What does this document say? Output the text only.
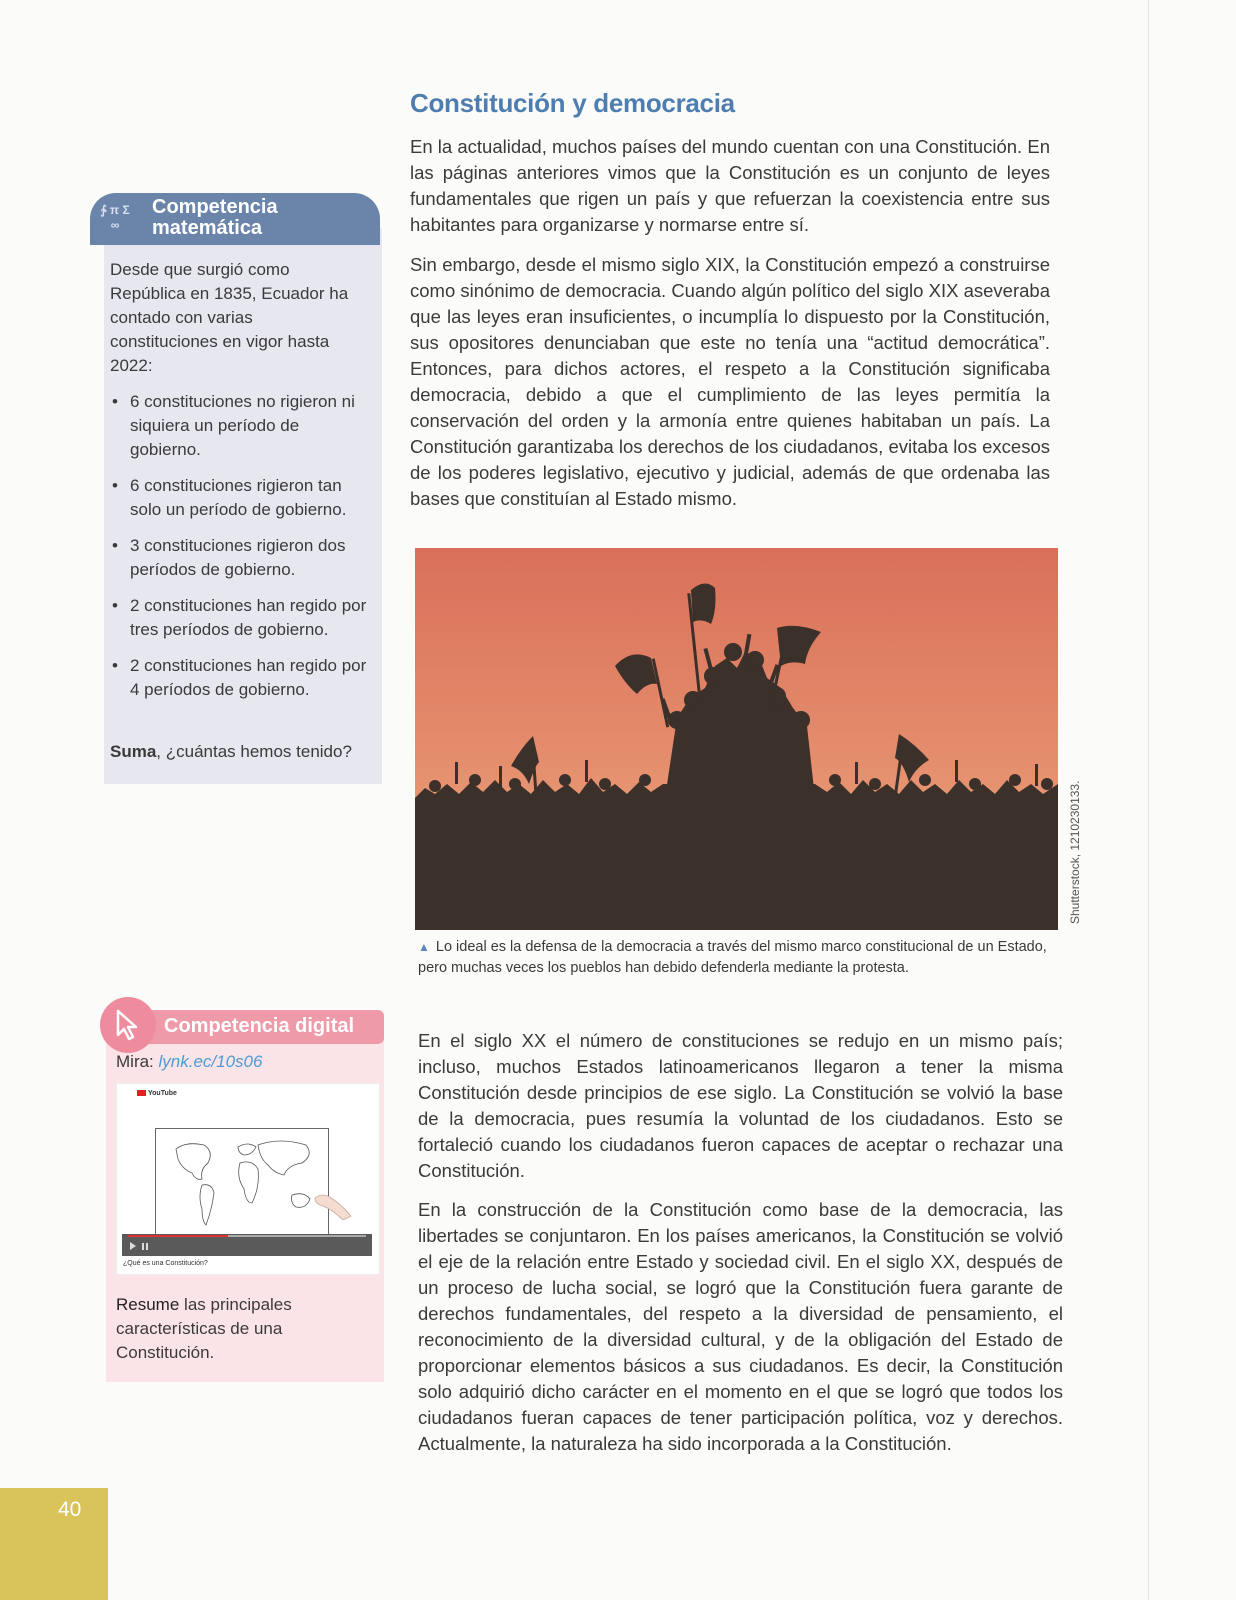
∱ π Σ ∞
Competencia
matemática

Desde que surgió como República en 1835, Ecuador ha contado con varias constituciones en vigor hasta 2022:

• 6 constituciones no rigieron ni siquiera un período de gobierno.
• 6 constituciones rigieron tan solo un período de gobierno.
• 3 constituciones rigieron dos períodos de gobierno.
• 2 constituciones han regido por tres períodos de gobierno.
• 2 constituciones han regido por 4 períodos de gobierno.

Suma, ¿cuántas hemos tenido?

Competencia digital

Mira: lynk.ec/10s06

YouTube
¿Qué es una Constitución?

Resume las principales características de una Constitución.

Constitución y democracia

En la actualidad, muchos países del mundo cuentan con una Constitución. En las páginas anteriores vimos que la Constitución es un conjunto de leyes fundamentales que rigen un país y que refuerzan la coexistencia entre sus habitantes para organizarse y normarse entre sí.

Sin embargo, desde el mismo siglo XIX, la Constitución empezó a construirse como sinónimo de democracia. Cuando algún político del siglo XIX aseveraba que las leyes eran insuficientes, o incumplía lo dispuesto por la Constitución, sus opositores denunciaban que este no tenía una “actitud democrática”. Entonces, para dichos actores, el respeto a la Constitución significaba democracia, debido a que el cumplimiento de las leyes permitía la conservación del orden y la armonía entre quienes habitaban un país. La Constitución garantizaba los derechos de los ciudadanos, evitaba los excesos de los poderes legislativo, ejecutivo y judicial, además de que ordenaba las bases que constituían al Estado mismo.

Shutterstock, 1210230133.

▲ Lo ideal es la defensa de la democracia a través del mismo marco constitucional de un Estado, pero muchas veces los pueblos han debido defenderla mediante la protesta.

En el siglo XX el número de constituciones se redujo en un mismo país; incluso, muchos Estados latinoamericanos llegaron a tener la misma Constitución desde principios de ese siglo. La Constitución se volvió la base de la democracia, pues resumía la voluntad de los ciudadanos. Esto se fortaleció cuando los ciudadanos fueron capaces de aceptar o rechazar una Constitución.

En la construcción de la Constitución como base de la democracia, las libertades se conjuntaron. En los países americanos, la Constitución se volvió el eje de la relación entre Estado y sociedad civil. En el siglo XX, después de un proceso de lucha social, se logró que la Constitución fuera garante de derechos fundamentales, del respeto a la diversidad de pensamiento, el reconocimiento de la diversidad cultural, y de la obligación del Estado de proporcionar elementos básicos a sus ciudadanos. Es decir, la Constitución solo adquirió dicho carácter en el momento en el que se logró que todos los ciudadanos fueran capaces de tener participación política, voz y derechos. Actualmente, la naturaleza ha sido incorporada a la Constitución.

40
